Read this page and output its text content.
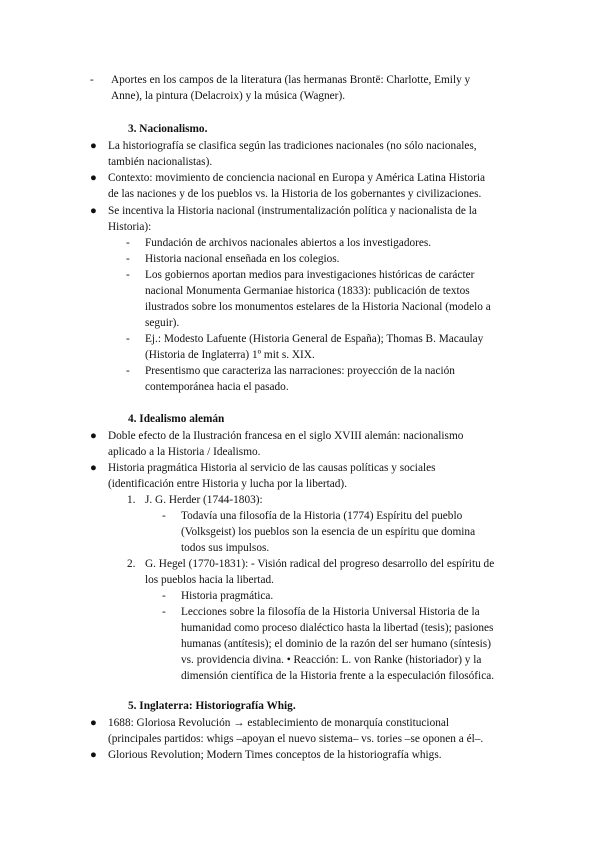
- Aportes en los campos de la literatura (las hermanas Brontë: Charlotte, Emily y
Anne), la pintura (Delacroix) y la música (Wagner).
3. Nacionalismo.
● La historiografía se clasifica según las tradiciones nacionales (no sólo nacionales,
también nacionalistas).
● Contexto: movimiento de conciencia nacional en Europa y América Latina Historia
de las naciones y de los pueblos vs. la Historia de los gobernantes y civilizaciones.
● Se incentiva la Historia nacional (instrumentalización política y nacionalista de la
Historia):
- Fundación de archivos nacionales abiertos a los investigadores.
- Historia nacional enseñada en los colegios.
- Los gobiernos aportan medios para investigaciones históricas de carácter
nacional Monumenta Germaniae historica (1833): publicación de textos
ilustrados sobre los monumentos estelares de la Historia Nacional (modelo a
seguir).
- Ej.: Modesto Lafuente (Historia General de España); Thomas B. Macaulay
(Historia de Inglaterra) 1º mit s. XIX.
- Presentismo que caracteriza las narraciones: proyección de la nación
contemporánea hacia el pasado.
4. Idealismo alemán
● Doble efecto de la Ilustración francesa en el siglo XVIII alemán: nacionalismo
aplicado a la Historia / Idealismo.
● Historia pragmática Historia al servicio de las causas políticas y sociales
(identificación entre Historia y lucha por la libertad).
1. J. G. Herder (1744-1803):
- Todavía una filosofía de la Historia (1774) Espíritu del pueblo
(Volksgeist) los pueblos son la esencia de un espíritu que domina
todos sus impulsos.
2. G. Hegel (1770-1831): - Visión radical del progreso desarrollo del espíritu de
los pueblos hacia la libertad.
- Historia pragmática.
- Lecciones sobre la filosofía de la Historia Universal Historia de la
humanidad como proceso dialéctico hasta la libertad (tesis); pasiones
humanas (antítesis); el dominio de la razón del ser humano (síntesis)
vs. providencia divina. • Reacción: L. von Ranke (historiador) y la
dimensión científica de la Historia frente a la especulación filosófica.
5. Inglaterra: Historiografía Whig.
● 1688: Gloriosa Revolución → establecimiento de monarquía constitucional
(principales partidos: whigs –apoyan el nuevo sistema– vs. tories –se oponen a él–.
● Glorious Revolution; Modern Times conceptos de la historiografía whigs.
